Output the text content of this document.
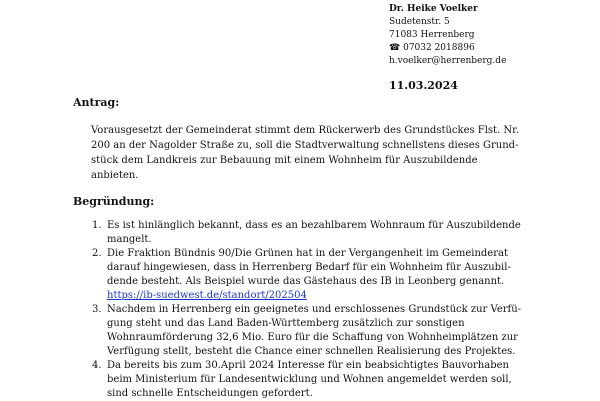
Dr. Heike Voelker
Sudetenstr. 5
71083 Herrenberg
☎ 07032 2018896
h.voelker@herrenberg.de
11.03.2024
Antrag:

Vorausgesetzt der Gemeinderat stimmt dem Rückerwerb des Grundstückes Flst. Nr.
200 an der Nagolder Straße zu, soll die Stadtverwaltung schnellstens dieses Grund-
stück dem Landkreis zur Bebauung mit einem Wohnheim für Auszubildende
anbieten.

Begründung:
1. Es ist hinlänglich bekannt, dass es an bezahlbarem Wohnraum für Auszubildende
mangelt.
2. Die Fraktion Bündnis 90/Die Grünen hat in der Vergangenheit im Gemeinderat
darauf hingewiesen, dass in Herrenberg Bedarf für ein Wohnheim für Auszubil-
dende besteht. Als Beispiel wurde das Gästehaus des IB in Leonberg genannt.
https://ib-suedwest.de/standort/202504
3. Nachdem in Herrenberg ein geeignetes und erschlossenes Grundstück zur Verfü-
gung steht und das Land Baden-Württemberg zusätzlich zur sonstigen
Wohnraumförderung 32,6 Mio. Euro für die Schaffung von Wohnheimplätzen zur
Verfügung stellt, besteht die Chance einer schnellen Realisierung des Projektes.
4. Da bereits bis zum 30.April 2024 Interesse für ein beabsichtigtes Bauvorhaben
beim Ministerium für Landesentwicklung und Wohnen angemeldet werden soll,
sind schnelle Entscheidungen gefordert.
